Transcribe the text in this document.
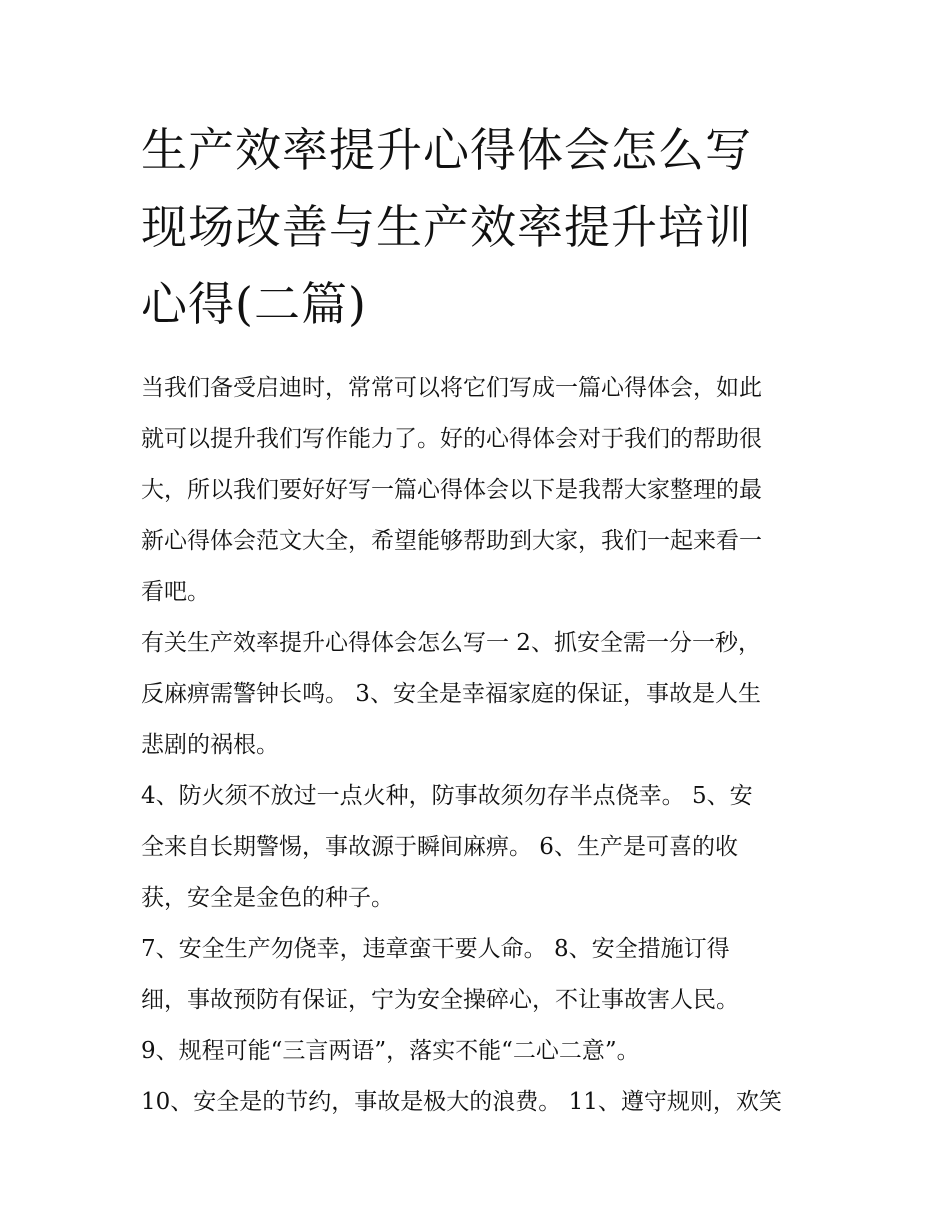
生产效率提升心得体会怎么写
现场改善与生产效率提升培训
心得(二篇)

当我们备受启迪时，常常可以将它们写成一篇心得体会，如此
就可以提升我们写作能力了。好的心得体会对于我们的帮助很
大，所以我们要好好写一篇心得体会以下是我帮大家整理的最
新心得体会范文大全，希望能够帮助到大家，我们一起来看一
看吧。

有关生产效率提升心得体会怎么写一 2、抓安全需一分一秒，
反麻痹需警钟长鸣。 3、安全是幸福家庭的保证，事故是人生
悲剧的祸根。

4、防火须不放过一点火种，防事故须勿存半点侥幸。 5、安
全来自长期警惕，事故源于瞬间麻痹。 6、生产是可喜的收
获，安全是金色的种子。

7、安全生产勿侥幸，违章蛮干要人命。 8、安全措施订得
细，事故预防有保证，宁为安全操碎心，不让事故害人民。

9、规程可能“三言两语”，落实不能“二心二意”。

10、安全是的节约，事故是极大的浪费。 11、遵守规则，欢笑
